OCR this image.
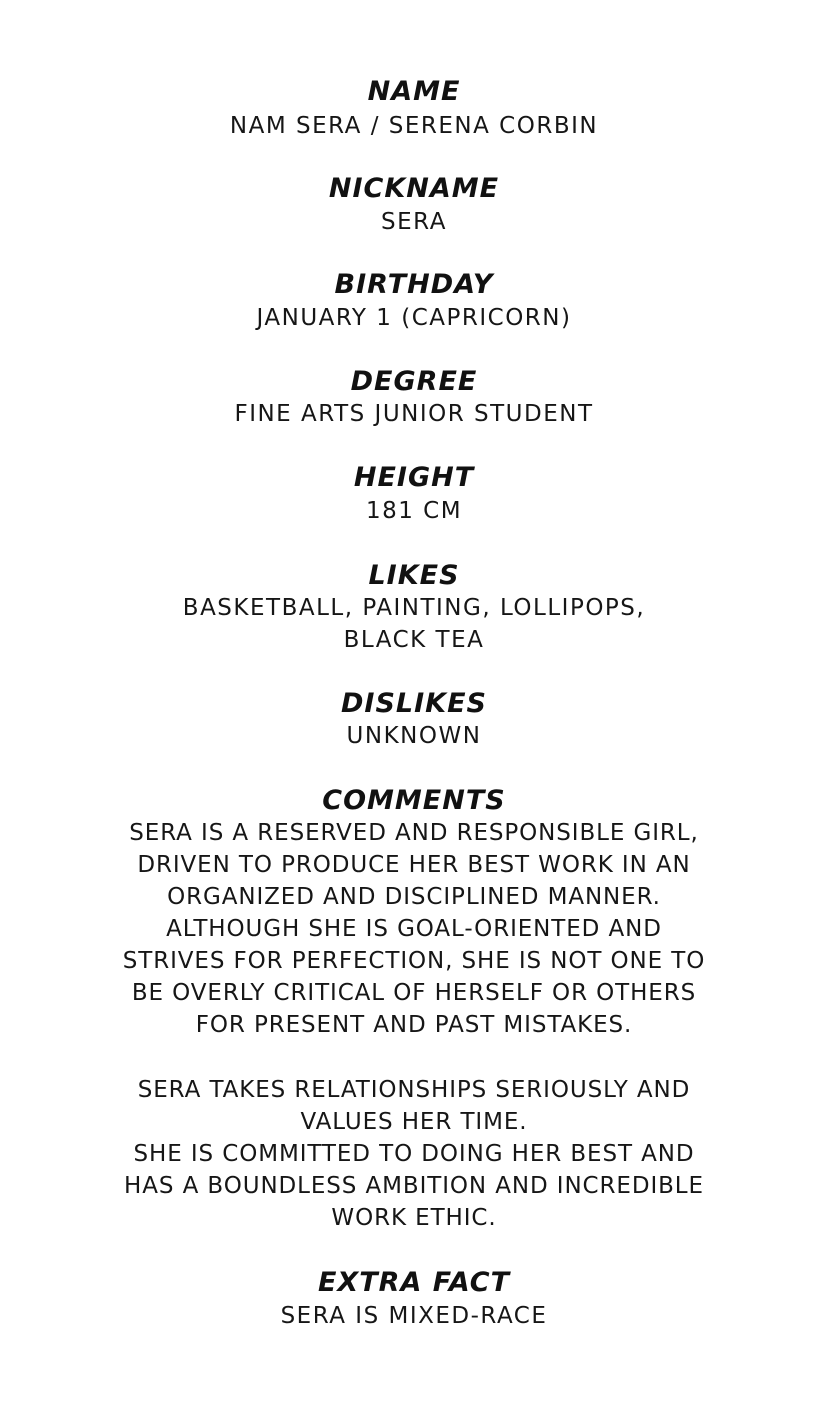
NAME
NAM SERA / SERENA CORBIN
NICKNAME
SERA
BIRTHDAY
JANUARY 1 (CAPRICORN)
DEGREE
FINE ARTS JUNIOR STUDENT
HEIGHT
181 CM
LIKES
BASKETBALL, PAINTING, LOLLIPOPS,
BLACK TEA
DISLIKES
UNKNOWN
COMMENTS
SERA IS A RESERVED AND RESPONSIBLE GIRL,
DRIVEN TO PRODUCE HER BEST WORK IN AN
ORGANIZED AND DISCIPLINED MANNER.
ALTHOUGH SHE IS GOAL-ORIENTED AND
STRIVES FOR PERFECTION, SHE IS NOT ONE TO
BE OVERLY CRITICAL OF HERSELF OR OTHERS
FOR PRESENT AND PAST MISTAKES.
SERA TAKES RELATIONSHIPS SERIOUSLY AND
VALUES HER TIME.
SHE IS COMMITTED TO DOING HER BEST AND
HAS A BOUNDLESS AMBITION AND INCREDIBLE
WORK ETHIC.
EXTRA FACT
SERA IS MIXED-RACE
